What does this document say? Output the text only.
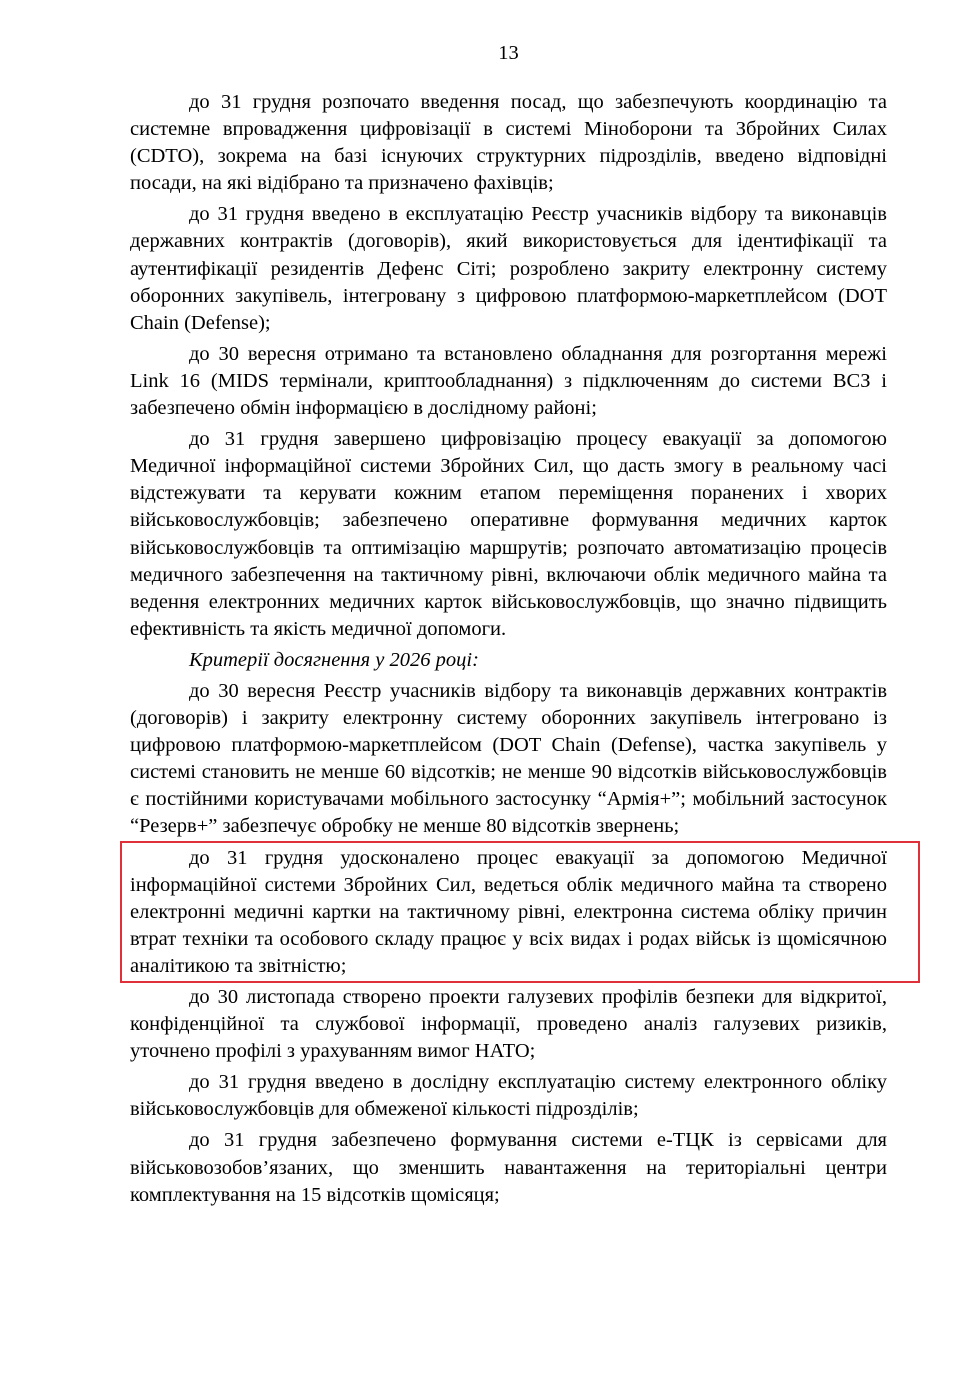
13

до 31 грудня розпочато введення посад, що забезпечують координацію та системне впровадження цифровізації в системі Міноборони та Збройних Силах (CDTO), зокрема на базі існуючих структурних підрозділів, введено відповідні посади, на які відібрано та призначено фахівців;

до 31 грудня введено в експлуатацію Реєстр учасників відбору та виконавців державних контрактів (договорів), який використовується для ідентифікації та аутентифікації резидентів Дефенс Сіті; розроблено закриту електронну систему оборонних закупівель, інтегровану з цифровою платформою-маркетплейсом (DOT Chain (Defense);

до 30 вересня отримано та встановлено обладнання для розгортання мережі Link 16 (MIDS термінали, криптообладнання) з підключенням до системи ВСЗ і забезпечено обмін інформацією в дослідному районі;

до 31 грудня завершено цифровізацію процесу евакуації за допомогою Медичної інформаційної системи Збройних Сил, що дасть змогу в реальному часі відстежувати та керувати кожним етапом переміщення поранених і хворих військовослужбовців; забезпечено оперативне формування медичних карток військовослужбовців та оптимізацію маршрутів; розпочато автоматизацію процесів медичного забезпечення на тактичному рівні, включаючи облік медичного майна та ведення електронних медичних карток військовослужбовців, що значно підвищить ефективність та якість медичної допомоги.

Критерії досягнення у 2026 році:

до 30 вересня Реєстр учасників відбору та виконавців державних контрактів (договорів) і закриту електронну систему оборонних закупівель інтегровано із цифровою платформою-маркетплейсом (DOT Chain (Defense), частка закупівель у системі становить не менше 60 відсотків; не менше 90 відсотків військовослужбовців є постійними користувачами мобільного застосунку “Армія+”; мобільний застосунок “Резерв+” забезпечує обробку не менше 80 відсотків звернень;

до 31 грудня удосконалено процес евакуації за допомогою Медичної інформаційної системи Збройних Сил, ведеться облік медичного майна та створено електронні медичні картки на тактичному рівні, електронна система обліку причин втрат техніки та особового складу працює у всіх видах і родах військ із щомісячною аналітикою та звітністю;

до 30 листопада створено проекти галузевих профілів безпеки для відкритої, конфіденційної та службової інформації, проведено аналіз галузевих ризиків, уточнено профілі з урахуванням вимог НАТО;

до 31 грудня введено в дослідну експлуатацію систему електронного обліку військовослужбовців для обмеженої кількості підрозділів;

до 31 грудня забезпечено формування системи е-ТЦК із сервісами для військовозобов’язаних, що зменшить навантаження на територіальні центри комплектування на 15 відсотків щомісяця;
